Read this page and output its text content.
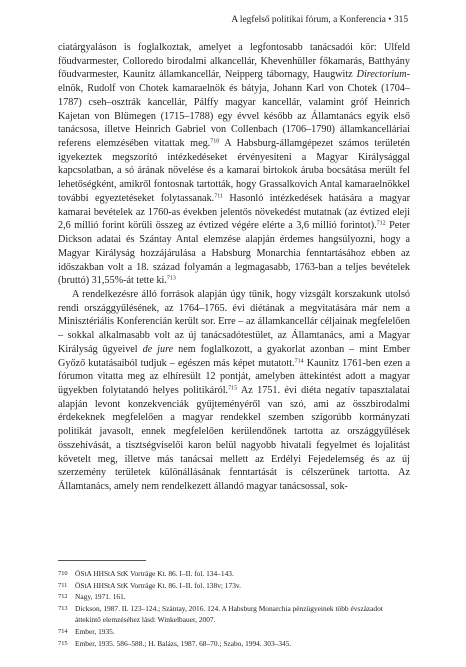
A legfelső politikai fórum, a Konferencia • 315

ciatárgyaláson is foglalkoztak, amelyet a legfontosabb tanácsadói kör: Ulfeld főudvarmester, Colloredo birodalmi alkancellár, Khevenhüller főkamarás, Batthyány főudvarmester, Kaunitz államkancellár, Neipperg tábornagy, Haugwitz Directorium-elnök, Rudolf von Chotek kamaraelnök és bátyja, Johann Karl von Chotek (1704–1787) cseh–osztrák kancellár, Pálffy magyar kancellár, valamint gróf Heinrich Kajetan von Blümegen (1715–1788) egy évvel később az Államtanács egyik első tanácsosa, illetve Heinrich Gabriel von Collenbach (1706–1790) államkancelláriai referens elemzésében vitattak meg.$^{710}$ A Habsburg-államgépezet számos területén igyekeztek megszorító intézkedéseket érvényesíteni a Magyar Királysággal kapcsolatban, a só árának növelése és a kamarai birtokok áruba bocsátása merült fel lehetőségként, amikről fontosnak tartották, hogy Grassalkovich Antal kamaraelnökkel további egyeztetéseket folytassanak.$^{711}$ Hasonló intézkedések hatására a magyar kamarai bevételek az 1760-as években jelentős növekedést mutatnak (az évtized eleji 2,6 millió forint körüli összeg az évtized végére elérte a 3,6 millió forintot).$^{712}$ Peter Dickson adatai és Szántay Antal elemzése alapján érdemes hangsúlyozni, hogy a Magyar Királyság hozzájárulása a Habsburg Monarchia fenntartásához ebben az időszakban volt a 18. század folyamán a legmagasabb, 1763-ban a teljes bevételek (bruttó) 31,55%-át tette ki.$^{713}$

A rendelkezésre álló források alapján úgy tűnik, hogy vizsgált korszakunk utolsó rendi országgyűlésének, az 1764–1765. évi diétának a megvitatására már nem a Minisztériális Konferencián került sor. Erre – az államkancellár céljainak megfelelően – sokkal alkalmasabb volt az új tanácsadótestület, az Államtanács, ami a Magyar Királyság ügyeivel de jure nem foglalkozott, a gyakorlat azonban – mint Ember Győző kutatásaiból tudjuk – egészen más képet mutatott.$^{714}$ Kaunitz 1761-ben ezen a fórumon vitatta meg az elhíresült 12 pontját, amelyben áttekintést adott a magyar ügyekben folytatandó helyes politikáról.$^{715}$ Az 1751. évi diéta negatív tapasztalatai alapján levont konzekvenciák gyűjteményéről van szó, ami az összbirodalmi érdekeknek megfelelően a magyar rendekkel szemben szigorúbb kormányzati politikát javasolt, ennek megfelelően kerülendőnek tartotta az országgyűlések összehívását, a tisztségviselői karon belül nagyobb hivatali fegyelmet és lojalitást követelt meg, illetve más tanácsai mellett az Erdélyi Fejedelemség és az új szerzemény területek különállásának fenntartását is célszerűnek tartotta. Az Államtanács, amely nem rendelkezett állandó magyar tanácsossal, sok-

710	ÖStA HHStA StK Vorträge Kt. 86. I–II. fol. 134–143.
711	ÖStA HHStA StK Vorträge Kt. 86. I–II. fol. 138v; 173v.
712	Nagy, 1971. 161.
713	Dickson, 1987. II. 123–124.; Szántay, 2016. 124. A Habsburg Monarchia pénzügyeinek több évszázadot áttekintő elemzéséhez lásd: Winkelbauer, 2007.
714	Ember, 1935.
715	Ember, 1935. 586–588.; H. Balázs, 1987. 68–70.; Szabo, 1994. 303–345.
